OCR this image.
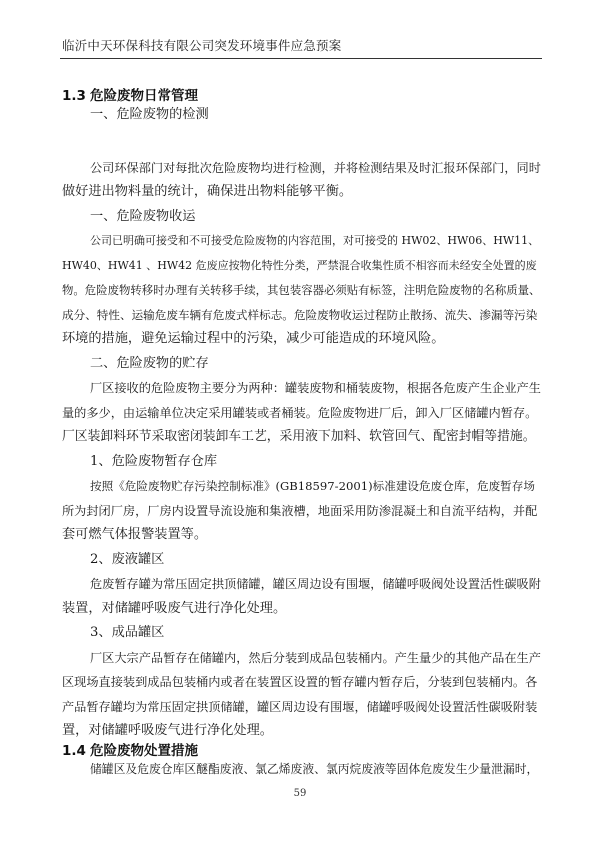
临沂中天环保科技有限公司突发环境事件应急预案
1.3 危险废物日常管理
一、危险废物的检测
公司环保部门对每批次危险废物均进行检测，并将检测结果及时汇报环保部门，同时
做好进出物料量的统计，确保进出物料能够平衡。
一、危险废物收运
公司已明确可接受和不可接受危险废物的内容范围，对可接受的 HW02、HW06、HW11、
HW40、HW41 、HW42 危废应按物化特性分类，严禁混合收集性质不相容而未经安全处置的废
物。危险废物转移时办理有关转移手续，其包装容器必须贴有标签，注明危险废物的名称质量、
成分、特性、运输危废车辆有危废式样标志。危险废物收运过程防止散扬、流失、渗漏等污染
环境的措施，避免运输过程中的污染，减少可能造成的环境风险。
二、危险废物的贮存
厂区接收的危险废物主要分为两种：罐装废物和桶装废物，根据各危废产生企业产生
量的多少，由运输单位决定采用罐装或者桶装。危险废物进厂后，卸入厂区储罐内暂存。
厂区装卸料环节采取密闭装卸车工艺，采用液下加料、软管回气、配密封帽等措施。
1、危险废物暂存仓库
按照《危险废物贮存污染控制标准》(GB18597-2001)标准建设危废仓库，危废暂存场
所为封闭厂房，厂房内设置导流设施和集液槽，地面采用防渗混凝土和自流平结构，并配
套可燃气体报警装置等。
2、废液罐区
危废暂存罐为常压固定拱顶储罐，罐区周边设有围堰，储罐呼吸阀处设置活性碳吸附
装置，对储罐呼吸废气进行净化处理。
3、成品罐区
厂区大宗产品暂存在储罐内，然后分装到成品包装桶内。产生量少的其他产品在生产
区现场直接装到成品包装桶内或者在装置区设置的暂存罐内暂存后，分装到包装桶内。各
产品暂存罐均为常压固定拱顶储罐，罐区周边设有围堰，储罐呼吸阀处设置活性碳吸附装
置，对储罐呼吸废气进行净化处理。
1.4 危险废物处置措施
储罐区及危废仓库区醚酯废液、氯乙烯废液、氯丙烷废液等固体危废发生少量泄漏时，
59
